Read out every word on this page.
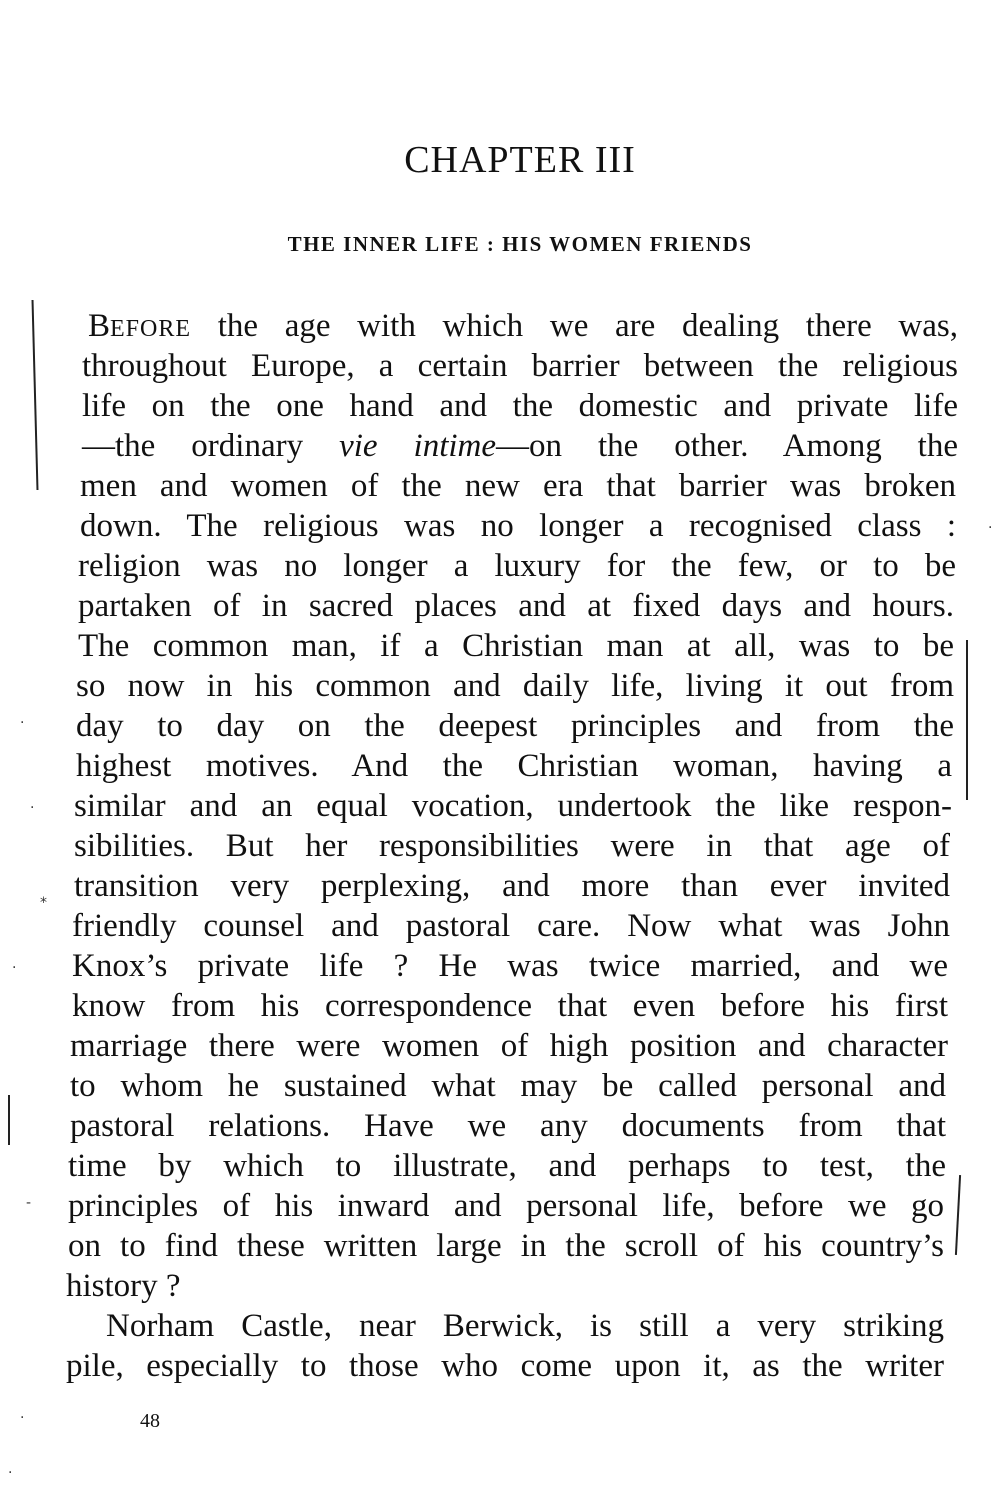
CHAPTER III
THE INNER LIFE : HIS WOMEN FRIENDS
BEFORE the age with which we are dealing there was,
throughout Europe, a certain barrier between the religious
life on the one hand and the domestic and private life
—the ordinary vie intime—on the other. Among the
men and women of the new era that barrier was broken
down. The religious was no longer a recognised class :
religion was no longer a luxury for the few, or to be
partaken of in sacred places and at fixed days and hours.
The common man, if a Christian man at all, was to be
so now in his common and daily life, living it out from
day to day on the deepest principles and from the
highest motives. And the Christian woman, having a
similar and an equal vocation, undertook the like respon-
sibilities. But her responsibilities were in that age of
transition very perplexing, and more than ever invited
friendly counsel and pastoral care. Now what was John
Knox’s private life ? He was twice married, and we
know from his correspondence that even before his first
marriage there were women of high position and character
to whom he sustained what may be called personal and
pastoral relations. Have we any documents from that
time by which to illustrate, and perhaps to test, the
principles of his inward and personal life, before we go
on to find these written large in the scroll of his country’s
history ?
Norham Castle, near Berwick, is still a very striking
pile, especially to those who come upon it, as the writer

48

·
·
*
·
-
·
·
·
